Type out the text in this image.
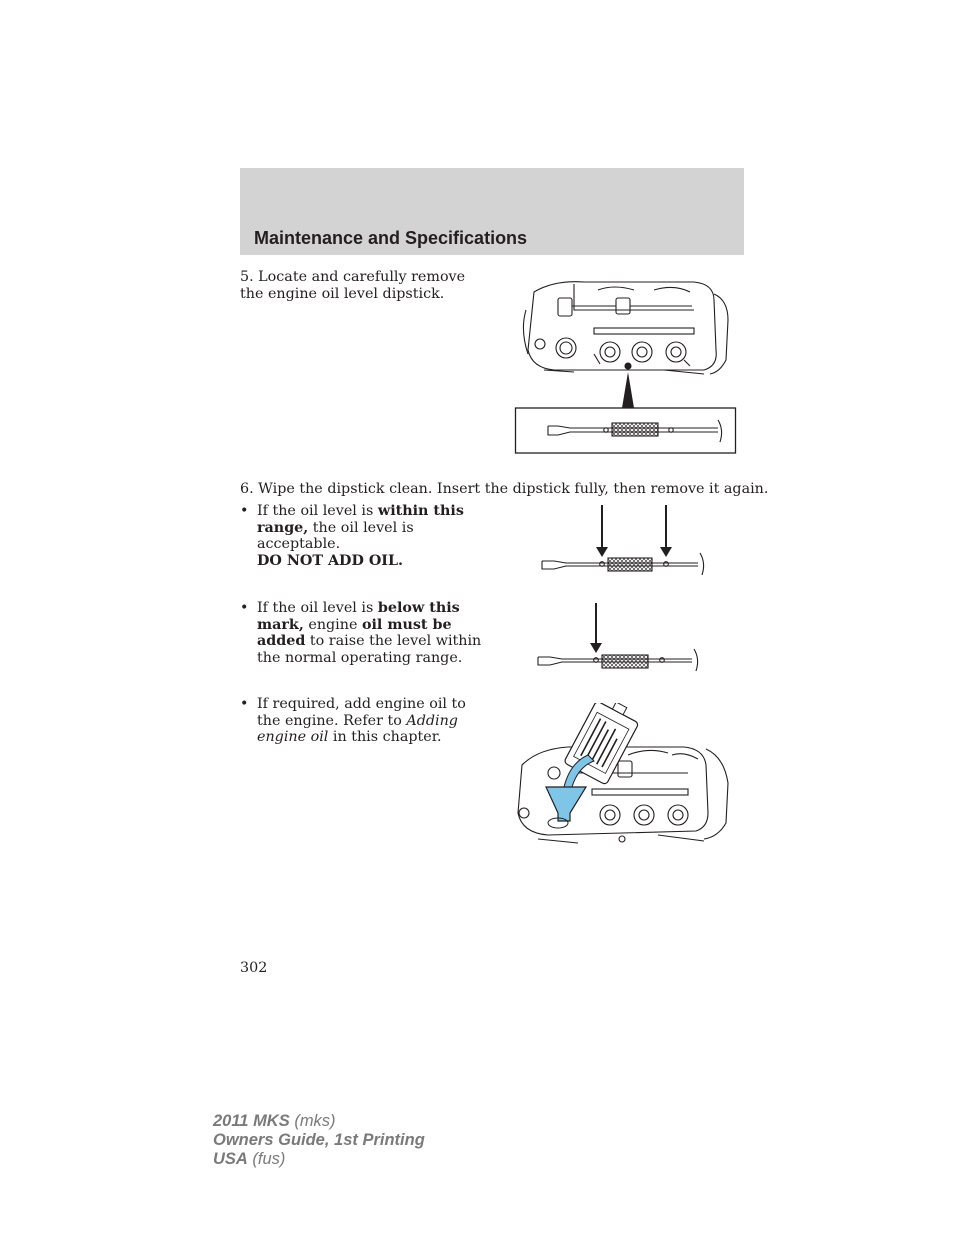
Maintenance and Specifications
5. Locate and carefully remove the engine oil level dipstick.
6. Wipe the dipstick clean. Insert the dipstick fully, then remove it again.
• If the oil level is within this range, the oil level is acceptable.
DO NOT ADD OIL.
• If the oil level is below this mark, engine oil must be added to raise the level within the normal operating range.
• If required, add engine oil to the engine. Refer to Adding engine oil in this chapter.
302
2011 MKS (mks)
Owners Guide, 1st Printing
USA (fus)
